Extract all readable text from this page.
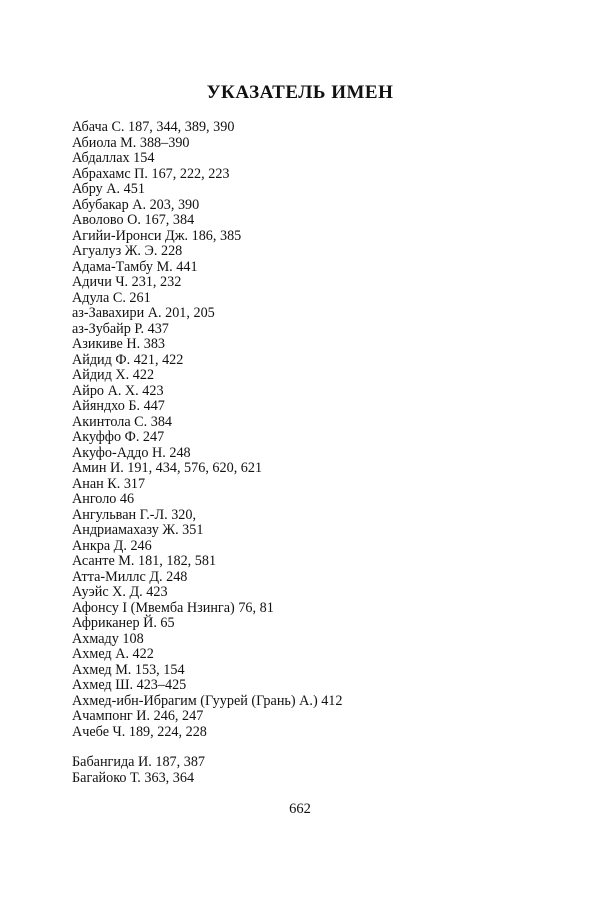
УКАЗАТЕЛЬ ИМЕН
Абача С. 187, 344, 389, 390
Абиола М. 388–390
Абдаллах 154
Абрахамс П. 167, 222, 223
Абру А. 451
Абубакар А. 203, 390
Аволово О. 167, 384
Агийи-Иронси Дж. 186, 385
Агуалуз Ж. Э. 228
Адама-Тамбу М. 441
Адичи Ч. 231, 232
Адула С. 261
аз-Завахири А. 201, 205
аз-Зубайр Р. 437
Азикиве Н. 383
Айдид Ф. 421, 422
Айдид Х. 422
Айро А. Х. 423
Айяндхо Б. 447
Акинтола С. 384
Акуффо Ф. 247
Акуфо-Аддо Н. 248
Амин И. 191, 434, 576, 620, 621
Анан К. 317
Анголо 46
Ангульван Г.-Л. 320,
Андриамахазу Ж. 351
Анкра Д. 246
Асанте М. 181, 182, 581
Атта-Миллс Д. 248
Ауэйс Х. Д. 423
Афонсу I (Мвемба Нзинга) 76, 81
Африканер Й. 65
Ахмаду 108
Ахмед А. 422
Ахмед М. 153, 154
Ахмед Ш. 423–425
Ахмед-ибн-Ибрагим (Гуурей (Грань) А.) 412
Ачампонг И. 246, 247
Ачебе Ч. 189, 224, 228
Бабангида И. 187, 387
Багайоко Т. 363, 364
662
